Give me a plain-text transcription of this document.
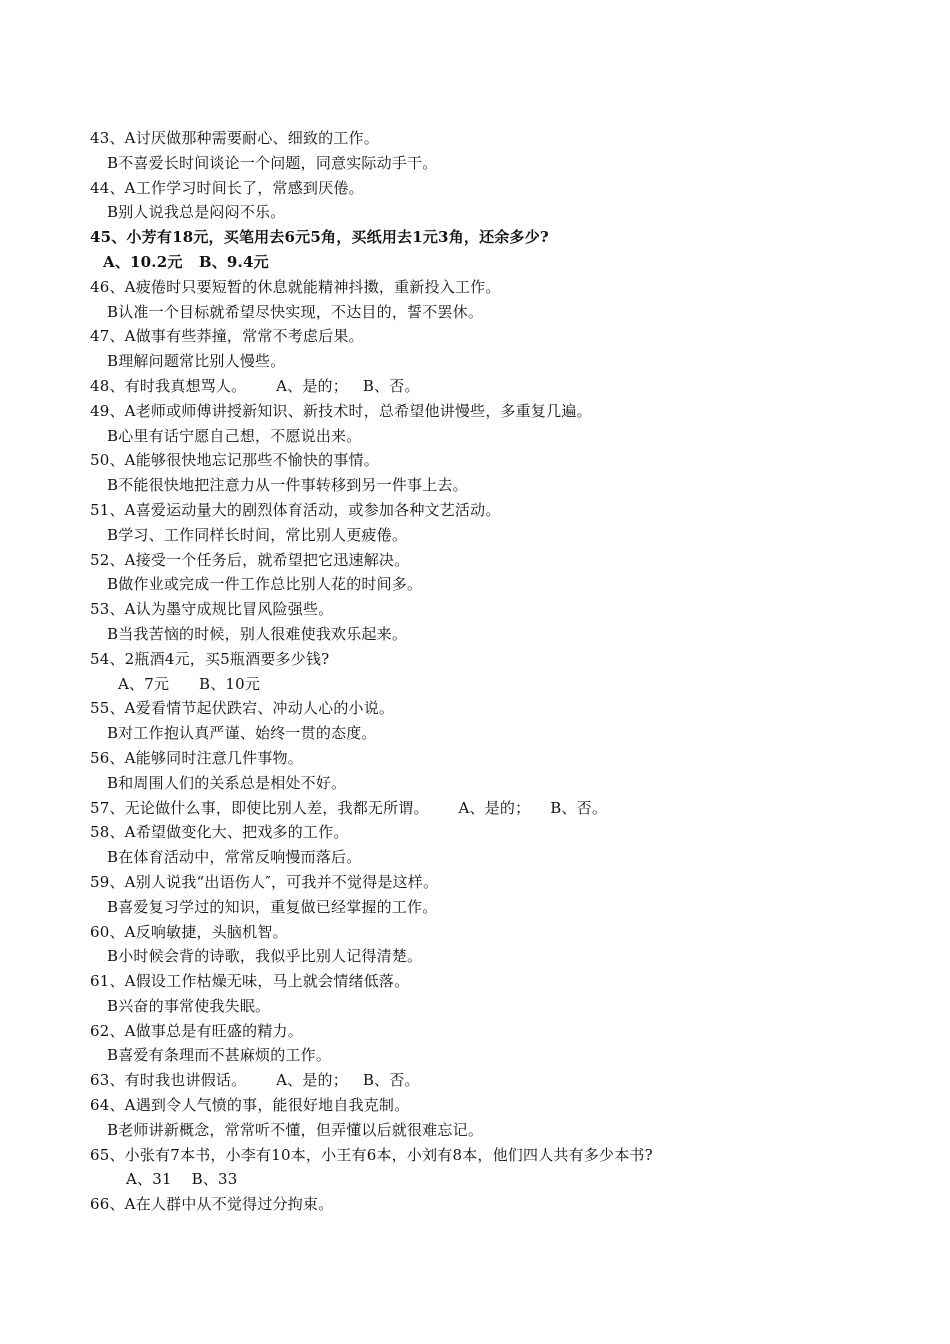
43、A讨厌做那种需要耐心、细致的工作。
B不喜爱长时间谈论一个问题，同意实际动手干。
44、A工作学习时间长了，常感到厌倦。
B别人说我总是闷闷不乐。
45、小芳有18元，买笔用去6元5角，买纸用去1元3角，还余多少?
A、10.2元   B、9.4元
46、A疲倦时只要短暂的休息就能精神抖擞，重新投入工作。
B认准一个目标就希望尽快实现，不达目的，誓不罢休。
47、A做事有些莽撞，常常不考虑后果。
B理解问题常比别人慢些。
48、有时我真想骂人。      A、是的；   B、否。
49、A老师或师傅讲授新知识、新技术时，总希望他讲慢些，多重复几遍。
B心里有话宁愿自己想，不愿说出来。
50、A能够很快地忘记那些不愉快的事情。
B不能很快地把注意力从一件事转移到另一件事上去。
51、A喜爱运动量大的剧烈体育活动，或参加各种文艺活动。
B学习、工作同样长时间，常比别人更疲倦。
52、A接受一个任务后，就希望把它迅速解决。
B做作业或完成一件工作总比别人花的时间多。
53、A认为墨守成规比冒风险强些。
B当我苦恼的时候，别人很难使我欢乐起来。
54、2瓶酒4元，买5瓶酒要多少钱?
A、7元      B、10元
55、A爱看情节起伏跌宕、冲动人心的小说。
B对工作抱认真严谨、始终一贯的态度。
56、A能够同时注意几件事物。
B和周围人们的关系总是相处不好。
57、无论做什么事，即使比别人差，我都无所谓。      A、是的；    B、否。
58、A希望做变化大、把戏多的工作。
B在体育活动中，常常反响慢而落后。
59、A别人说我“出语伤人″，可我并不觉得是这样。
B喜爱复习学过的知识，重复做已经掌握的工作。
60、A反响敏捷，头脑机智。
B小时候会背的诗歌，我似乎比别人记得清楚。
61、A假设工作枯燥无味，马上就会情绪低落。
B兴奋的事常使我失眠。
62、A做事总是有旺盛的精力。
B喜爱有条理而不甚麻烦的工作。
63、有时我也讲假话。      A、是的；   B、否。
64、A遇到令人气愤的事，能很好地自我克制。
B老师讲新概念，常常听不懂，但弄懂以后就很难忘记。
65、小张有7本书，小李有10本，小王有6本，小刘有8本，他们四人共有多少本书?
A、31    B、33
66、A在人群中从不觉得过分拘束。
